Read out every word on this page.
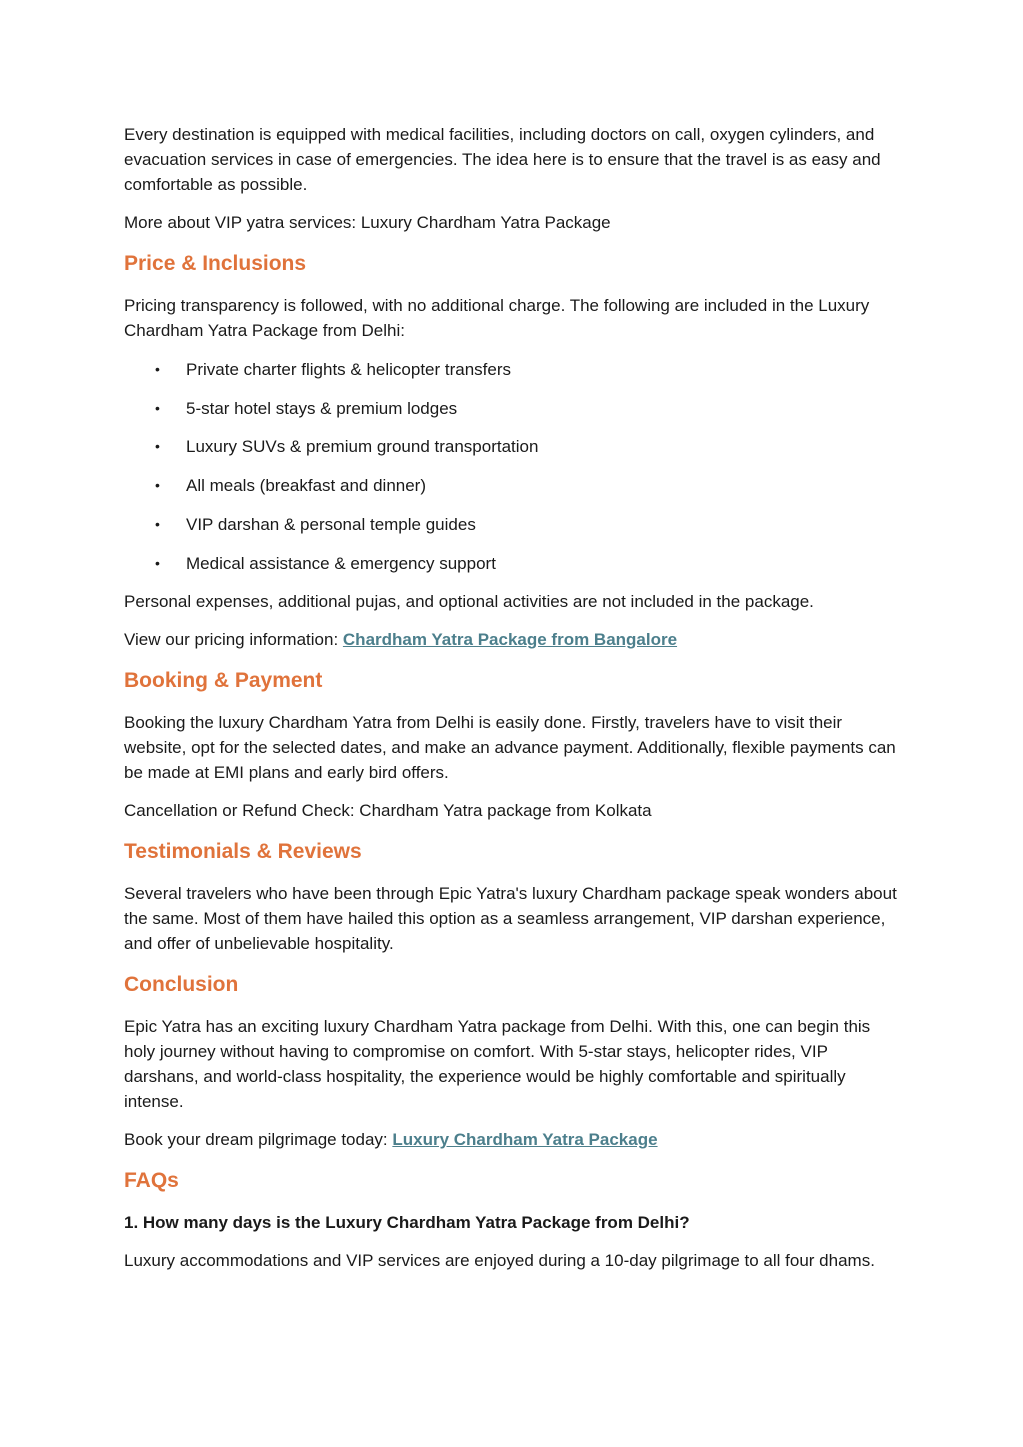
Every destination is equipped with medical facilities, including doctors on call, oxygen cylinders, and evacuation services in case of emergencies. The idea here is to ensure that the travel is as easy and comfortable as possible.

More about VIP yatra services: Luxury Chardham Yatra Package

Price & Inclusions

Pricing transparency is followed, with no additional charge. The following are included in the Luxury Chardham Yatra Package from Delhi:

• Private charter flights & helicopter transfers
• 5-star hotel stays & premium lodges
• Luxury SUVs & premium ground transportation
• All meals (breakfast and dinner)
• VIP darshan & personal temple guides
• Medical assistance & emergency support

Personal expenses, additional pujas, and optional activities are not included in the package.

View our pricing information: Chardham Yatra Package from Bangalore

Booking & Payment

Booking the luxury Chardham Yatra from Delhi is easily done. Firstly, travelers have to visit their website, opt for the selected dates, and make an advance payment. Additionally, flexible payments can be made at EMI plans and early bird offers.

Cancellation or Refund Check: Chardham Yatra package from Kolkata

Testimonials & Reviews

Several travelers who have been through Epic Yatra's luxury Chardham package speak wonders about the same. Most of them have hailed this option as a seamless arrangement, VIP darshan experience, and offer of unbelievable hospitality.

Conclusion

Epic Yatra has an exciting luxury Chardham Yatra package from Delhi. With this, one can begin this holy journey without having to compromise on comfort. With 5-star stays, helicopter rides, VIP darshans, and world-class hospitality, the experience would be highly comfortable and spiritually intense.

Book your dream pilgrimage today: Luxury Chardham Yatra Package

FAQs

1. How many days is the Luxury Chardham Yatra Package from Delhi?

Luxury accommodations and VIP services are enjoyed during a 10-day pilgrimage to all four dhams.
